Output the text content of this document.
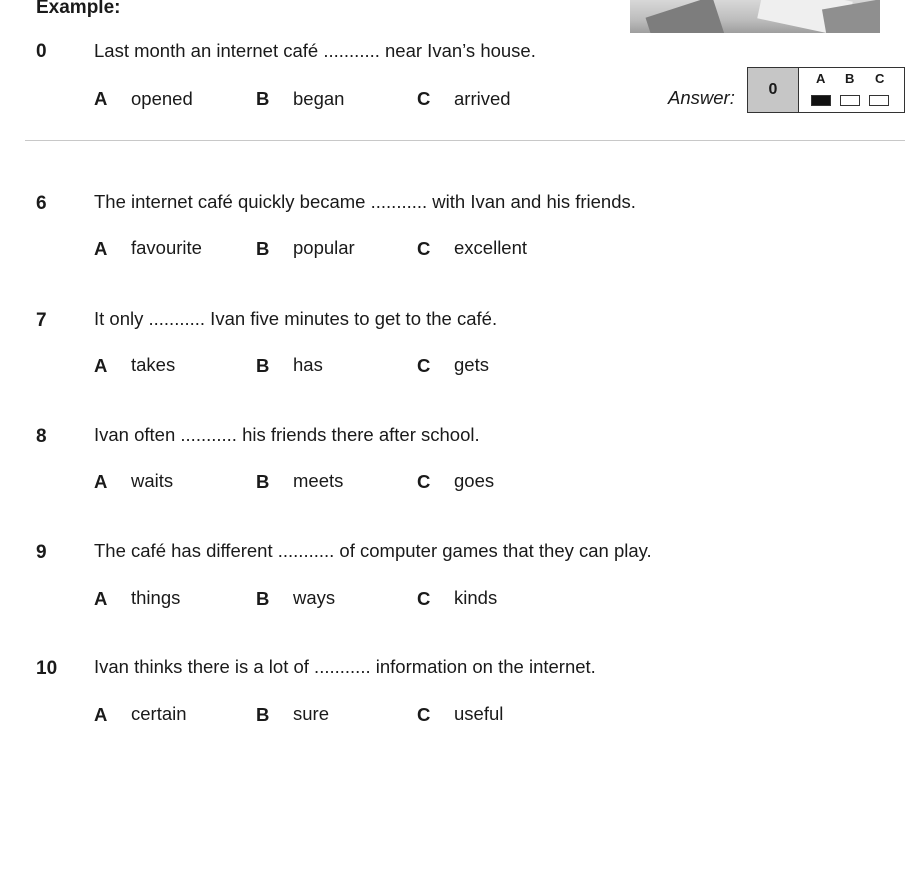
Example:
0	Last month an internet café ........... near Ivan’s house.
A opened	B began	C arrived	Answer:	0
A B C
6	The internet café quickly became ........... with Ivan and his friends.
A favourite	B popular	C excellent
7	It only ........... Ivan five minutes to get to the café.
A takes	B has	C gets
8	Ivan often ........... his friends there after school.
A waits	B meets	C goes
9	The café has different ........... of computer games that they can play.
A things	B ways	C kinds
10 Ivan thinks there is a lot of ........... information on the internet.
A certain	B sure	C useful
